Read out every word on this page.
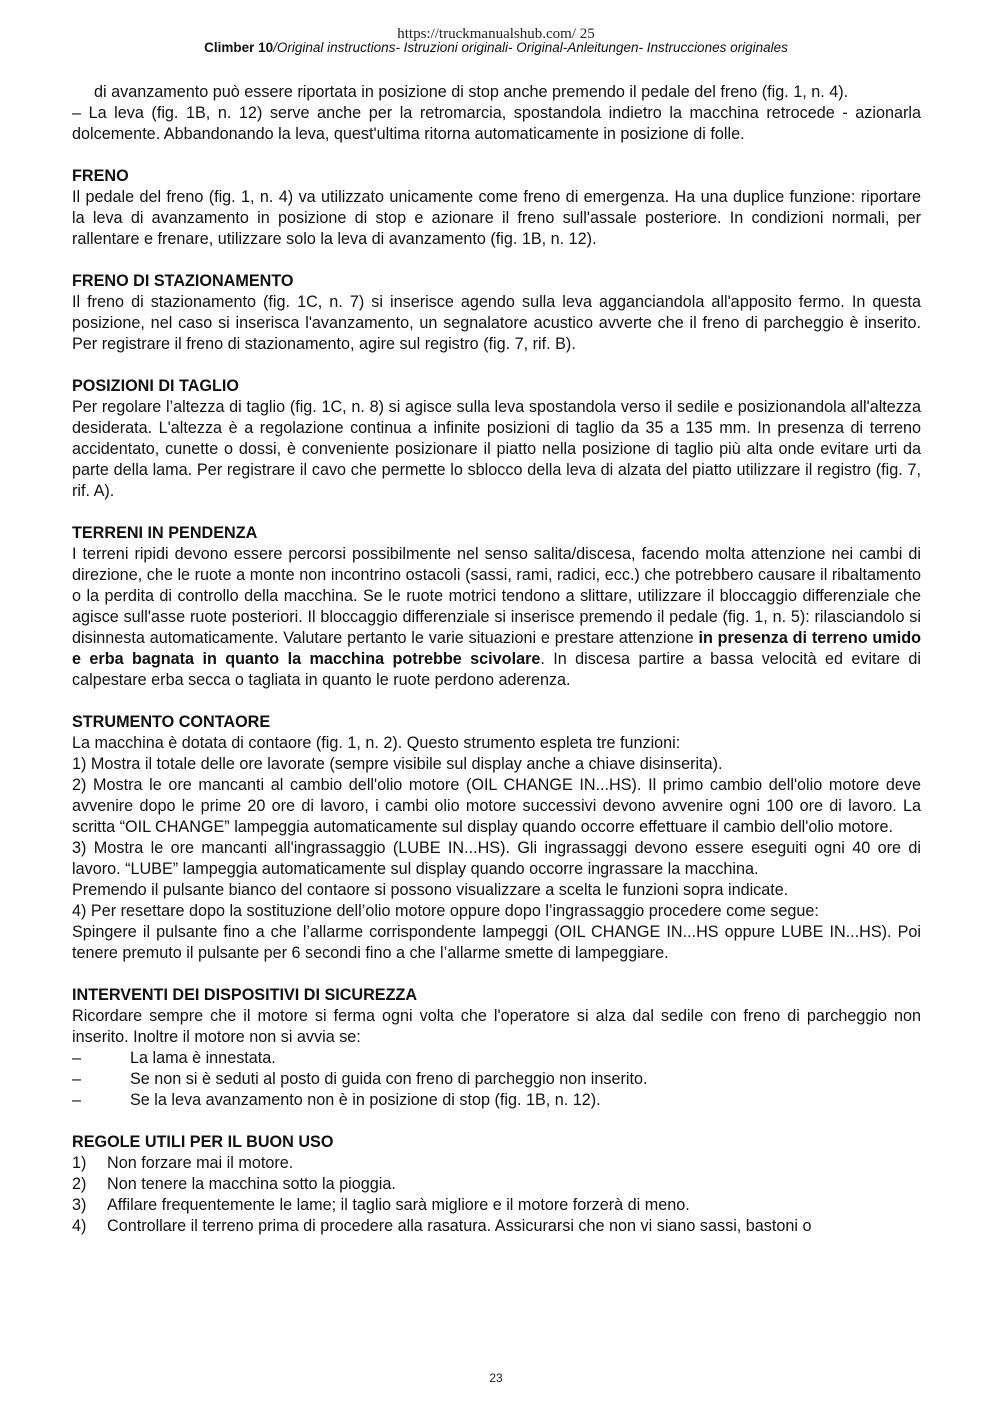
https://truckmanualshub.com/ 25
Climber 10/Original instructions- Istruzioni originali- Original-Anleitungen- Instrucciones originales

di avanzamento può essere riportata in posizione di stop anche premendo il pedale del freno (fig. 1, n. 4).

– La leva (fig. 1B, n. 12) serve anche per la retromarcia, spostandola indietro la macchina retrocede - azionarla dolcemente. Abbandonando la leva, quest'ultima ritorna automaticamente in posizione di folle.

FRENO

Il pedale del freno (fig. 1, n. 4) va utilizzato unicamente come freno di emergenza. Ha una duplice funzione: riportare la leva di avanzamento in posizione di stop e azionare il freno sull'assale posteriore. In condizioni normali, per rallentare e frenare, utilizzare solo la leva di avanzamento (fig. 1B, n. 12).

FRENO DI STAZIONAMENTO

Il freno di stazionamento (fig. 1C, n. 7) si inserisce agendo sulla leva agganciandola all'apposito fermo. In questa posizione, nel caso si inserisca l'avanzamento, un segnalatore acustico avverte che il freno di parcheggio è inserito. Per registrare il freno di stazionamento, agire sul registro (fig. 7, rif. B).

POSIZIONI DI TAGLIO

Per regolare l’altezza di taglio (fig. 1C, n. 8) si agisce sulla leva spostandola verso il sedile e posizionandola all'altezza desiderata. L'altezza è a regolazione continua a infinite posizioni di taglio da 35 a 135 mm. In presenza di terreno accidentato, cunette o dossi, è conveniente posizionare il piatto nella posizione di taglio più alta onde evitare urti da parte della lama. Per registrare il cavo che permette lo sblocco della leva di alzata del piatto utilizzare il registro (fig. 7, rif. A).

TERRENI IN PENDENZA

I terreni ripidi devono essere percorsi possibilmente nel senso salita/discesa, facendo molta attenzione nei cambi di direzione, che le ruote a monte non incontrino ostacoli (sassi, rami, radici, ecc.) che potrebbero causare il ribaltamento o la perdita di controllo della macchina. Se le ruote motrici tendono a slittare, utilizzare il bloccaggio differenziale che agisce sull'asse ruote posteriori. Il bloccaggio differenziale si inserisce premendo il pedale (fig. 1, n. 5): rilasciandolo si disinnesta automaticamente. Valutare pertanto le varie situazioni e prestare attenzione in presenza di terreno umido e erba bagnata in quanto la macchina potrebbe scivolare. In discesa partire a bassa velocità ed evitare di calpestare erba secca o tagliata in quanto le ruote perdono aderenza.

STRUMENTO CONTAORE

La macchina è dotata di contaore (fig. 1, n. 2). Questo strumento espleta tre funzioni:

1) Mostra il totale delle ore lavorate (sempre visibile sul display anche a chiave disinserita).

2) Mostra le ore mancanti al cambio dell'olio motore (OIL CHANGE IN...HS). Il primo cambio dell'olio motore deve avvenire dopo le prime 20 ore di lavoro, i cambi olio motore successivi devono avvenire ogni 100 ore di lavoro. La scritta “OIL CHANGE” lampeggia automaticamente sul display quando occorre effettuare il cambio dell'olio motore.

3) Mostra le ore mancanti all'ingrassaggio (LUBE IN...HS). Gli ingrassaggi devono essere eseguiti ogni 40 ore di lavoro. “LUBE” lampeggia automaticamente sul display quando occorre ingrassare la macchina.

Premendo il pulsante bianco del contaore si possono visualizzare a scelta le funzioni sopra indicate.

4) Per resettare dopo la sostituzione dell’olio motore oppure dopo l’ingrassaggio procedere come segue:

Spingere il pulsante fino a che l’allarme corrispondente lampeggi (OIL CHANGE IN...HS oppure LUBE IN...HS). Poi tenere premuto il pulsante per 6 secondi fino a che l’allarme smette di lampeggiare.

INTERVENTI DEI DISPOSITIVI DI SICUREZZA

Ricordare sempre che il motore si ferma ogni volta che l'operatore si alza dal sedile con freno di parcheggio non inserito. Inoltre il motore non si avvia se:

–	La lama è innestata.
–	Se non si è seduti al posto di guida con freno di parcheggio non inserito.
–	Se la leva avanzamento non è in posizione di stop (fig. 1B, n. 12).
REGOLE UTILI PER IL BUON USO
1)	Non forzare mai il motore.
2)	Non tenere la macchina sotto la pioggia.
3)	Affilare frequentemente le lame; il taglio sarà migliore e il motore forzerà di meno.
4)	Controllare il terreno prima di procedere alla rasatura. Assicurarsi che non vi siano sassi, bastoni o
23
